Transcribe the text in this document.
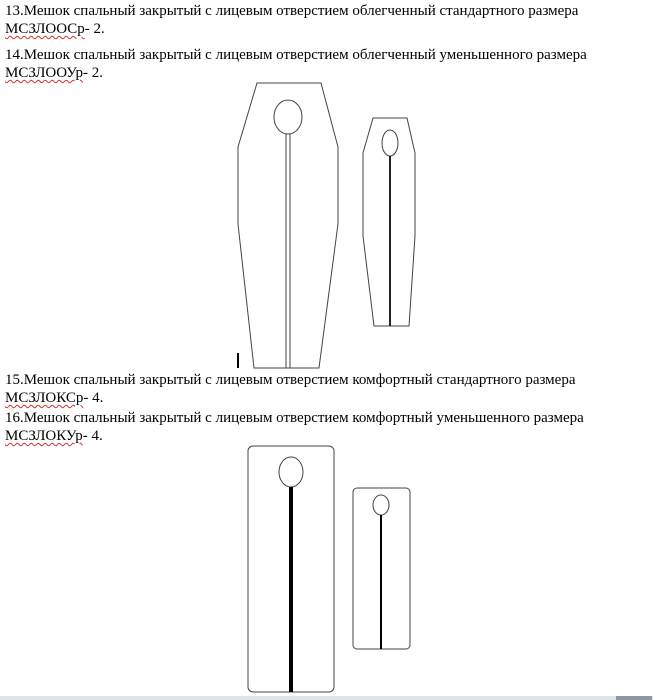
13.Мешок спальный закрытый с лицевым отверстием облегченный стандартного размера
МСЗЛООСр- 2.
14.Мешок спальный закрытый с лицевым отверстием облегченный уменьшенного размера
МСЗЛООУр- 2.
15.Мешок спальный закрытый с лицевым отверстием комфортный стандартного размера
МСЗЛОКСр- 4.
16.Мешок спальный закрытый с лицевым отверстием комфортный уменьшенного размера
МСЗЛОКУр- 4.
